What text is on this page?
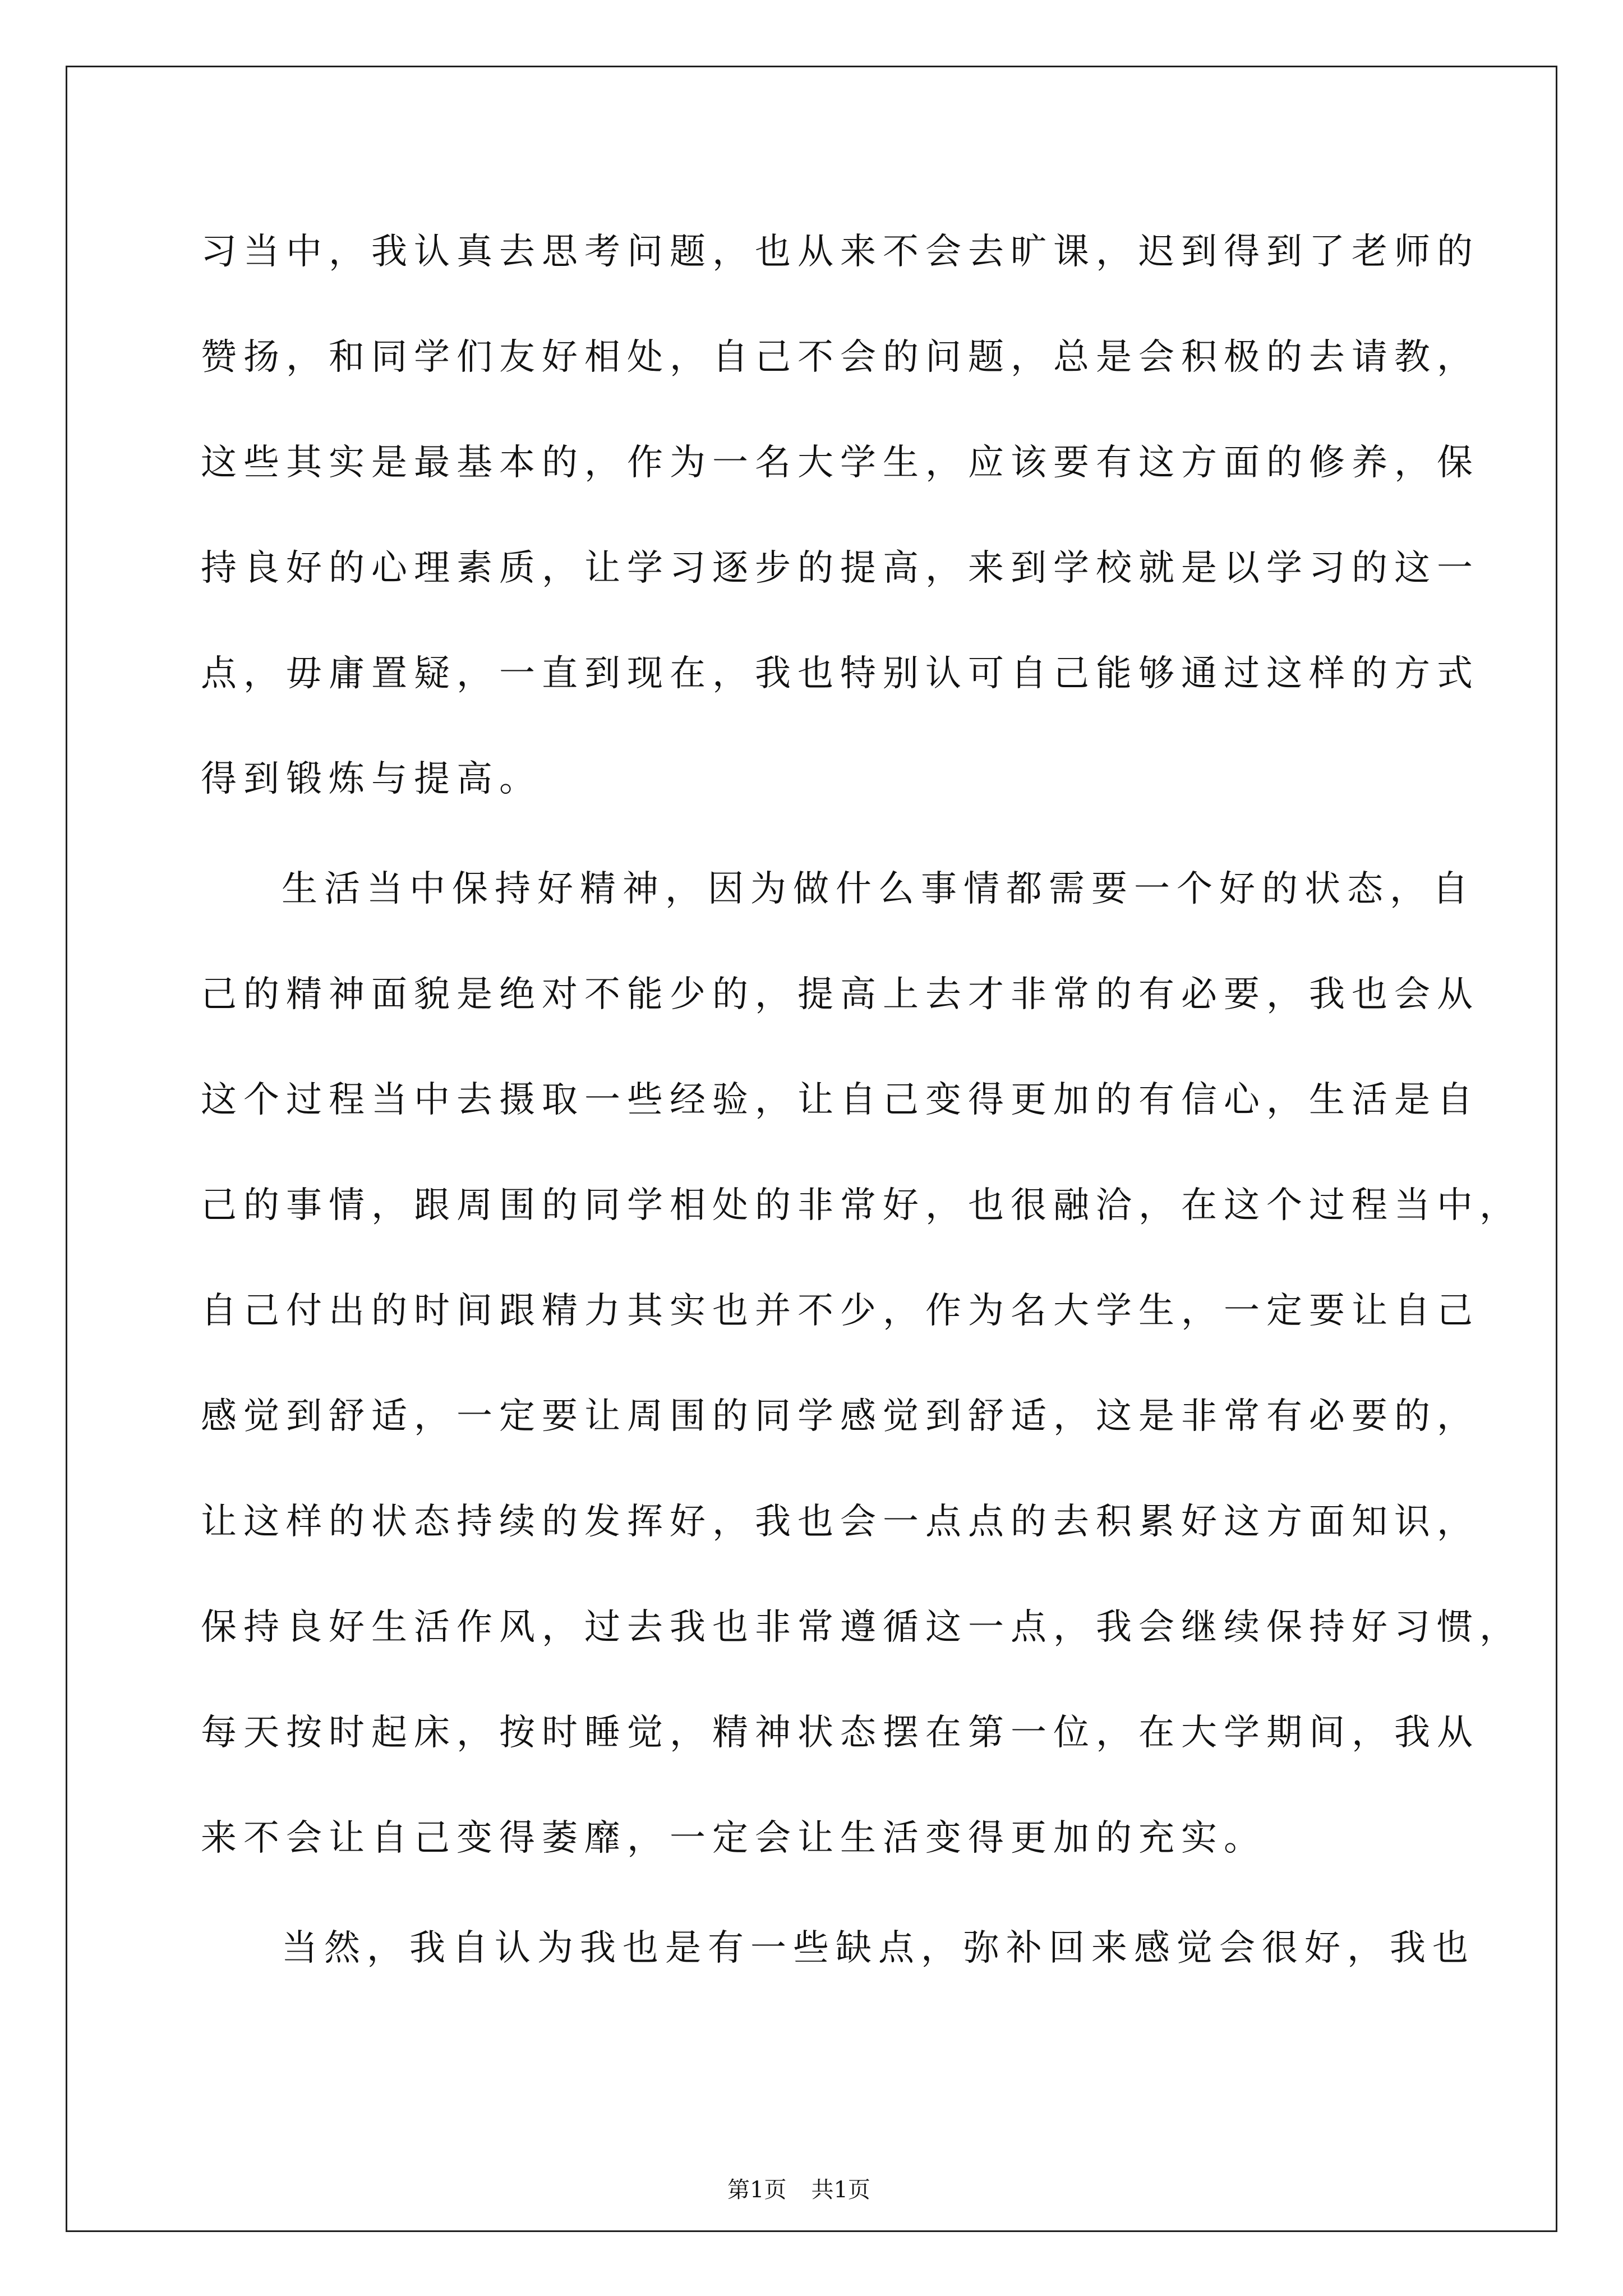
习当中，我认真去思考问题，也从来不会去旷课，迟到得到了老师的
赞扬，和同学们友好相处，自己不会的问题，总是会积极的去请教，
这些其实是最基本的，作为一名大学生，应该要有这方面的修养，保
持良好的心理素质，让学习逐步的提高，来到学校就是以学习的这一
点，毋庸置疑，一直到现在，我也特别认可自己能够通过这样的方式
得到锻炼与提高。
生活当中保持好精神，因为做什么事情都需要一个好的状态，自
己的精神面貌是绝对不能少的，提高上去才非常的有必要，我也会从
这个过程当中去摄取一些经验，让自己变得更加的有信心，生活是自
己的事情，跟周围的同学相处的非常好，也很融洽，在这个过程当中，
自己付出的时间跟精力其实也并不少，作为名大学生，一定要让自己
感觉到舒适，一定要让周围的同学感觉到舒适，这是非常有必要的，
让这样的状态持续的发挥好，我也会一点点的去积累好这方面知识，
保持良好生活作风，过去我也非常遵循这一点，我会继续保持好习惯，
每天按时起床，按时睡觉，精神状态摆在第一位，在大学期间，我从
来不会让自己变得萎靡，一定会让生活变得更加的充实。
当然，我自认为我也是有一些缺点，弥补回来感觉会很好，我也
第1页 共1页
